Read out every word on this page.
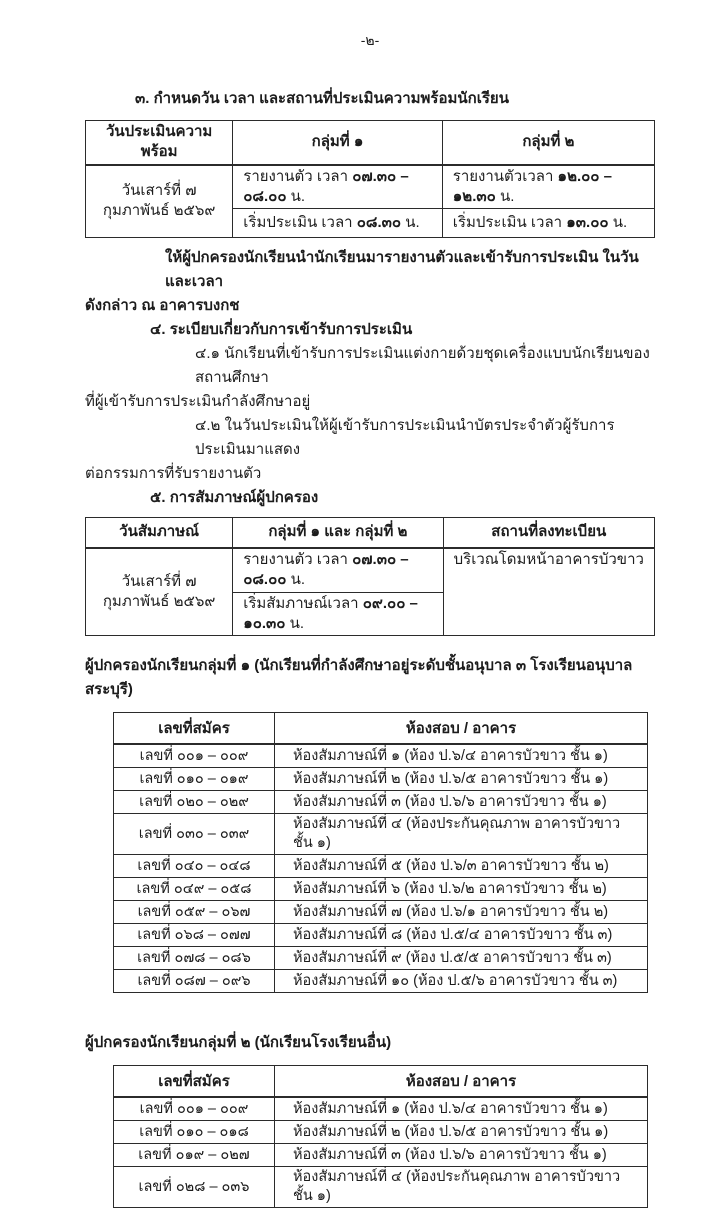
-๒-
๓. กำหนดวัน เวลา และสถานที่ประเมินความพร้อมนักเรียน
วันประเมินความพร้อม	กลุ่มที่ ๑	กลุ่มที่ ๒

วันเสาร์ที่ ๗
กุมภาพันธ์ ๒๕๖๙	รายงานตัว เวลา ๐๗.๓๐ – ๐๘.๐๐ น.	รายงานตัวเวลา ๑๒.๐๐ – ๑๒.๓๐ น.
	เริ่มประเมิน เวลา ๐๘.๓๐ น.	เริ่มประเมิน เวลา ๑๓.๐๐ น.
ให้ผู้ปกครองนักเรียนนำนักเรียนมารายงานตัวและเข้ารับการประเมิน ในวันและเวลา
ดังกล่าว ณ อาคารบงกช
๔. ระเบียบเกี่ยวกับการเข้ารับการประเมิน
๔.๑ นักเรียนที่เข้ารับการประเมินแต่งกายด้วยชุดเครื่องแบบนักเรียนของสถานศึกษา
ที่ผู้เข้ารับการประเมินกำลังศึกษาอยู่
๔.๒ ในวันประเมินให้ผู้เข้ารับการประเมินนำบัตรประจำตัวผู้รับการประเมินมาแสดง
ต่อกรรมการที่รับรายงานตัว
๕. การสัมภาษณ์ผู้ปกครอง
วันสัมภาษณ์	กลุ่มที่ ๑ และ กลุ่มที่ ๒	สถานที่ลงทะเบียน

วันเสาร์ที่ ๗
กุมภาพันธ์ ๒๕๖๙	รายงานตัว เวลา ๐๗.๓๐ – ๐๘.๐๐ น.	บริเวณโดมหน้าอาคารบัวขาว
	เริ่มสัมภาษณ์เวลา ๐๙.๐๐ – ๑๐.๓๐ น.	
ผู้ปกครองนักเรียนกลุ่มที่ ๑ (นักเรียนที่กำลังศึกษาอยู่ระดับชั้นอนุบาล ๓ โรงเรียนอนุบาลสระบุรี)
เลขที่สมัคร	ห้องสอบ / อาคาร
เลขที่ ๐๐๑ – ๐๐๙	ห้องสัมภาษณ์ที่ ๑ (ห้อง ป.๖/๔ อาคารบัวขาว ชั้น ๑)
เลขที่ ๐๑๐ – ๐๑๙	ห้องสัมภาษณ์ที่ ๒ (ห้อง ป.๖/๕ อาคารบัวขาว ชั้น ๑)
เลขที่ ๐๒๐ – ๐๒๙	ห้องสัมภาษณ์ที่ ๓ (ห้อง ป.๖/๖ อาคารบัวขาว ชั้น ๑)
เลขที่ ๐๓๐ – ๐๓๙	ห้องสัมภาษณ์ที่ ๔ (ห้องประกันคุณภาพ อาคารบัวขาว ชั้น ๑)
เลขที่ ๐๔๐ – ๐๔๘	ห้องสัมภาษณ์ที่ ๕ (ห้อง ป.๖/๓ อาคารบัวขาว ชั้น ๒)
เลขที่ ๐๔๙ – ๐๕๘	ห้องสัมภาษณ์ที่ ๖ (ห้อง ป.๖/๒ อาคารบัวขาว ชั้น ๒)
เลขที่ ๐๕๙ – ๐๖๗	ห้องสัมภาษณ์ที่ ๗ (ห้อง ป.๖/๑ อาคารบัวขาว ชั้น ๒)
เลขที่ ๐๖๘ – ๐๗๗	ห้องสัมภาษณ์ที่ ๘ (ห้อง ป.๕/๔ อาคารบัวขาว ชั้น ๓)
เลขที่ ๐๗๘ – ๐๘๖	ห้องสัมภาษณ์ที่ ๙ (ห้อง ป.๕/๕ อาคารบัวขาว ชั้น ๓)
เลขที่ ๐๘๗ – ๐๙๖	ห้องสัมภาษณ์ที่ ๑๐ (ห้อง ป.๕/๖ อาคารบัวขาว ชั้น ๓)
ผู้ปกครองนักเรียนกลุ่มที่ ๒ (นักเรียนโรงเรียนอื่น)
เลขที่สมัคร	ห้องสอบ / อาคาร
เลขที่ ๐๐๑ – ๐๐๙	ห้องสัมภาษณ์ที่ ๑ (ห้อง ป.๖/๔ อาคารบัวขาว ชั้น ๑)
เลขที่ ๐๑๐ – ๐๑๘	ห้องสัมภาษณ์ที่ ๒ (ห้อง ป.๖/๕ อาคารบัวขาว ชั้น ๑)
เลขที่ ๐๑๙ – ๐๒๗	ห้องสัมภาษณ์ที่ ๓ (ห้อง ป.๖/๖ อาคารบัวขาว ชั้น ๑)
เลขที่ ๐๒๘ – ๐๓๖	ห้องสัมภาษณ์ที่ ๔ (ห้องประกันคุณภาพ อาคารบัวขาว ชั้น ๑)
